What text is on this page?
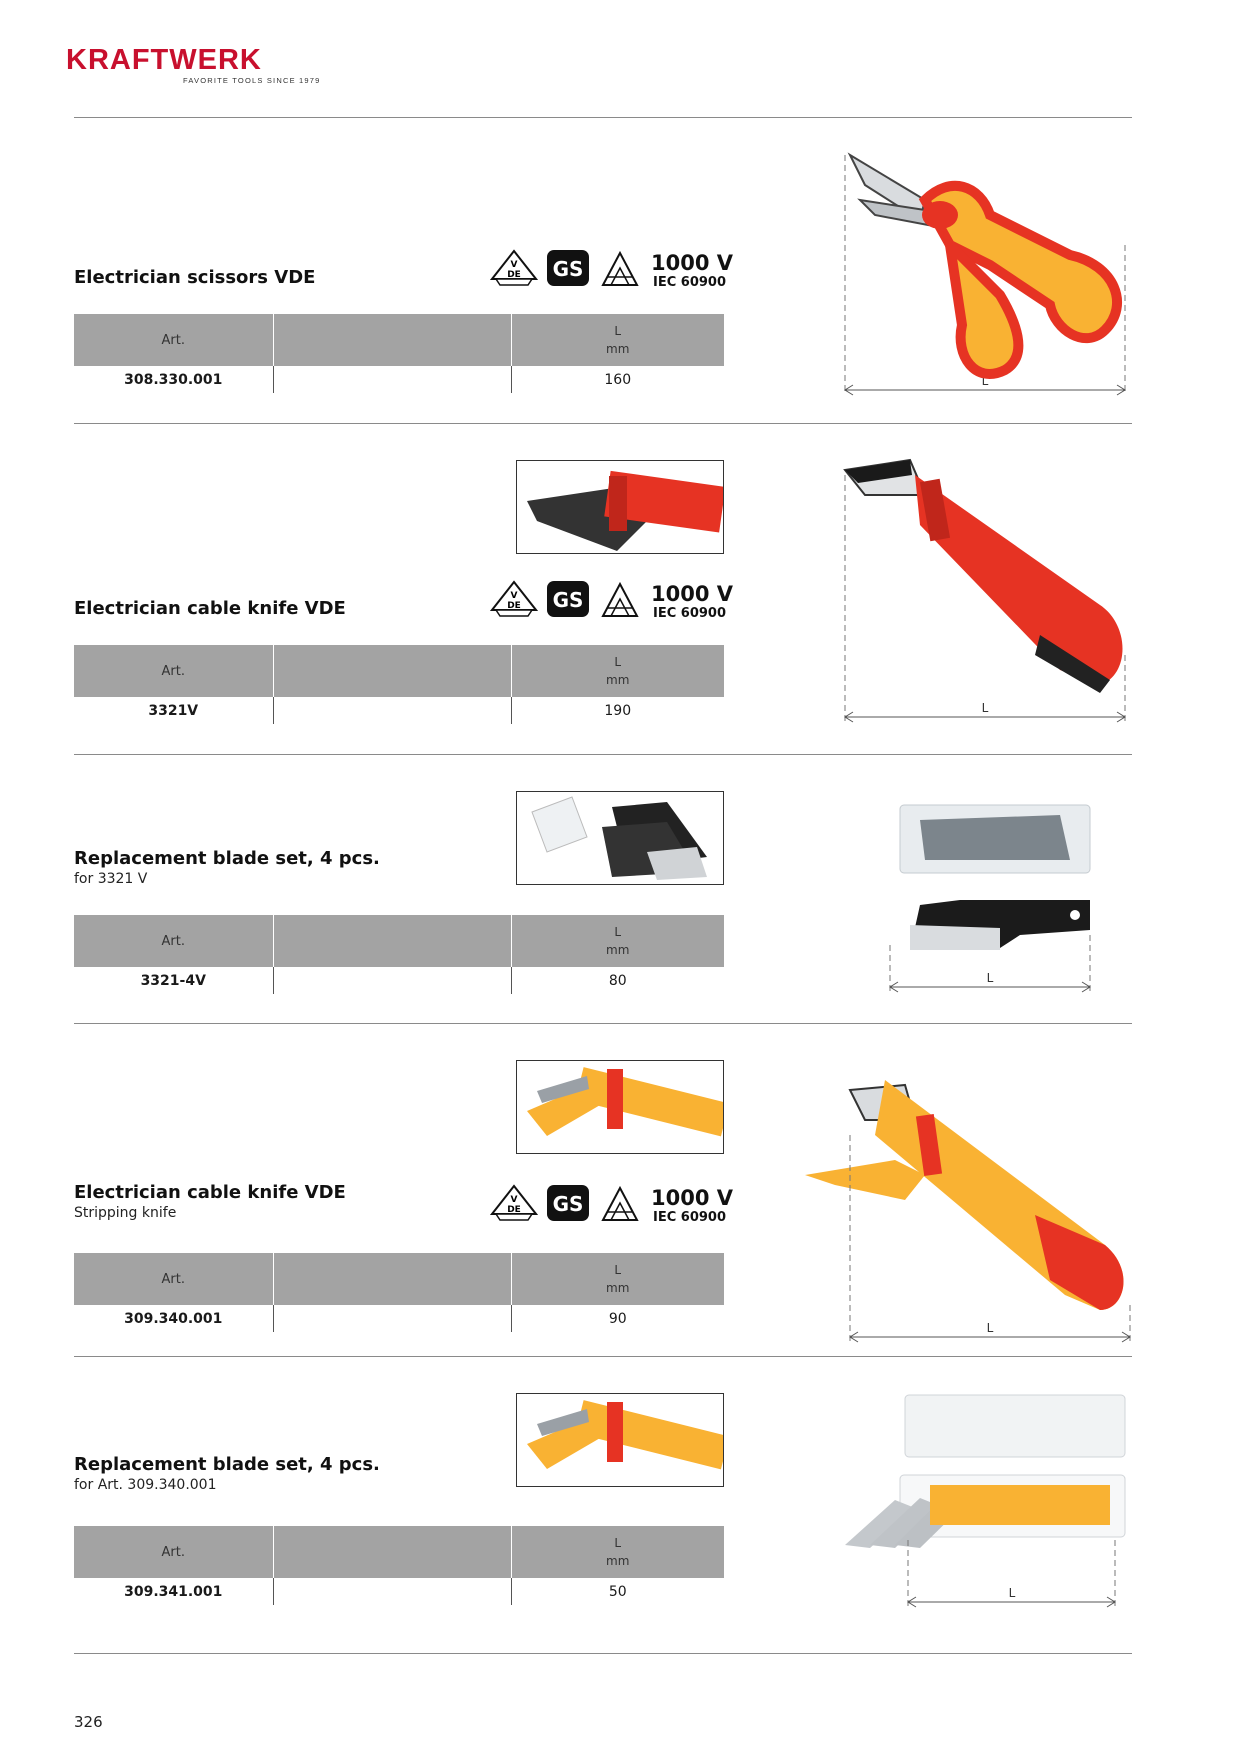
KRAFTWERK
FAVORITE TOOLS SINCE 1979
Electrician scissors VDE
V
DE GS	1000 V
IEC 60900
Art.		L
mm

308.330.001		160	L
Electrician cable knife VDE
V
DE GS	1000 V
IEC 60900
Art.		L
mm

3321V		190	L
Replacement blade set, 4 pcs.
for 3321 V
Art.		L
mm

3321-4V		80	L
Electrician cable knife VDE
Stripping knife
V
DE GS	1000 V
IEC 60900
Art.		L
mm

309.340.001		90
L
Replacement blade set, 4 pcs.
for Art. 309.340.001
Art.		L
mm

309.341.001		50	L
326
